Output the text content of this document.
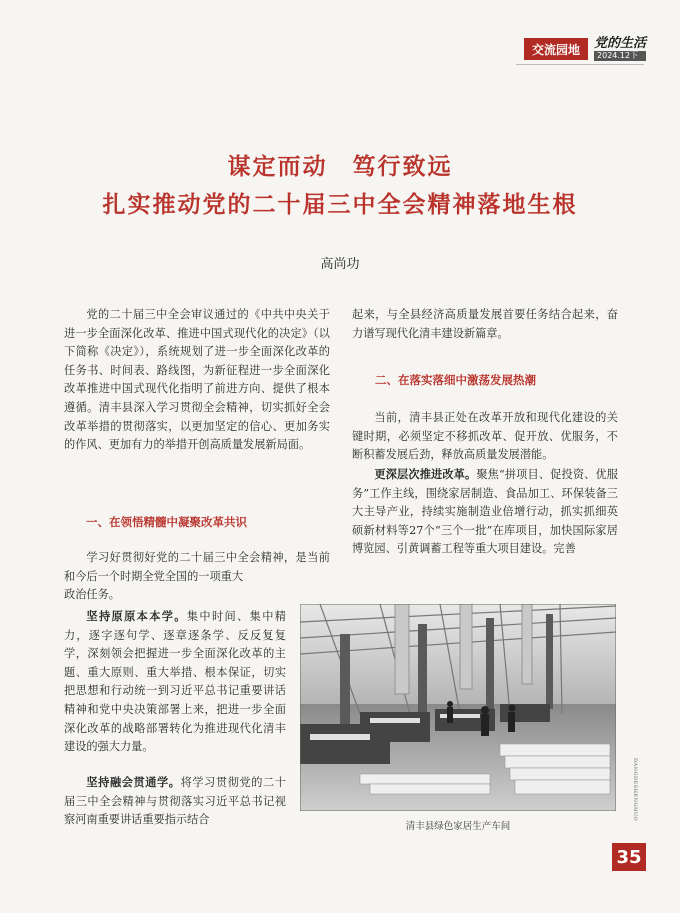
交流园地	党的生活
2024.12下
谋定而动　笃行致远
扎实推动党的二十届三中全会精神落地生根
高尚功

党的二十届三中全会审议通过的《中共中央关于进一步全面深化改革、推进中国式现代化的决定》（以下简称《决定》），系统规划了进一步全面深化改革的任务书、时间表、路线图，为新征程进一步全面深化改革推进中国式现代化指明了前进方向、提供了根本遵循。清丰县深入学习贯彻全会精神，切实抓好全会改革举措的贯彻落实，以更加坚定的信心、更加务实的作风、更加有力的举措开创高质量发展新局面。

一、在领悟精髓中凝聚改革共识

学习好贯彻好党的二十届三中全会精神，是当前和今后一个时期全党全国的一项重大

政治任务。

坚持原原本本学。集中时间、集中精力，逐字逐句学、逐章逐条学、反反复复学，深刻领会把握进一步全面深化改革的主题、重大原则、重大举措、根本保证，切实把思想和行动统一到习近平总书记重要讲话精神和党中央决策部署上来，把进一步全面深化改革的战略部署转化为推进现代化清丰建设的强大力量。

坚持融会贯通学。将学习贯彻党的二十届三中全会精神与贯彻落实习近平总书记视察河南重要讲话重要指示结合

起来，与全县经济高质量发展首要任务结合起来，奋力谱写现代化清丰建设新篇章。

二、在落实落细中激荡发展热潮

当前，清丰县正处在改革开放和现代化建设的关键时期，必须坚定不移抓改革、促开放、优服务，不断积蓄发展后劲，释放高质量发展潜能。

更深层次推进改革。聚焦“拼项目、促投资、优服务”工作主线，围绕家居制造、食品加工、环保装备三大主导产业，持续实施制造业倍增行动，抓实抓细英硕新材料等27个“三个一批”在库项目，加快国际家居博览园、引黄调蓄工程等重大项目建设。完善

清丰县绿色家居生产车间
DANGDESHENGHUO
35
